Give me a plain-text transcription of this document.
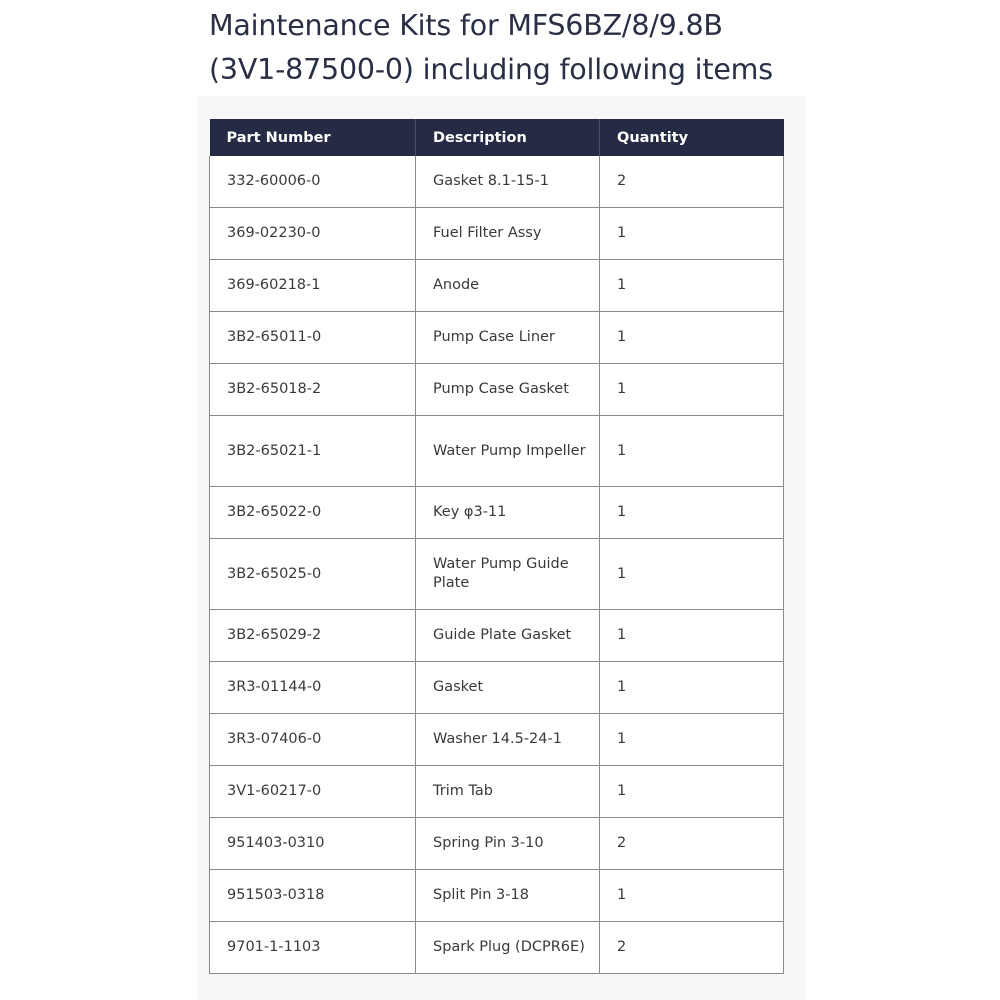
Maintenance Kits for MFS6BZ/8/9.8B (3V1-87500-0) including following items
Part Number	Description	Quantity
332-60006-0	Gasket 8.1-15-1	2
369-02230-0	Fuel Filter Assy	1
369-60218-1	Anode	1
3B2-65011-0	Pump Case Liner	1
3B2-65018-2	Pump Case Gasket	1
3B2-65021-1	Water Pump Impeller	1
3B2-65022-0	Key φ3-11	1
3B2-65025-0	Water Pump Guide Plate	1
3B2-65029-2	Guide Plate Gasket	1
3R3-01144-0	Gasket	1
3R3-07406-0	Washer 14.5-24-1	1
3V1-60217-0	Trim Tab	1
951403-0310	Spring Pin 3-10	2
951503-0318	Split Pin 3-18	1
9701-1-1103	Spark Plug (DCPR6E)	2
